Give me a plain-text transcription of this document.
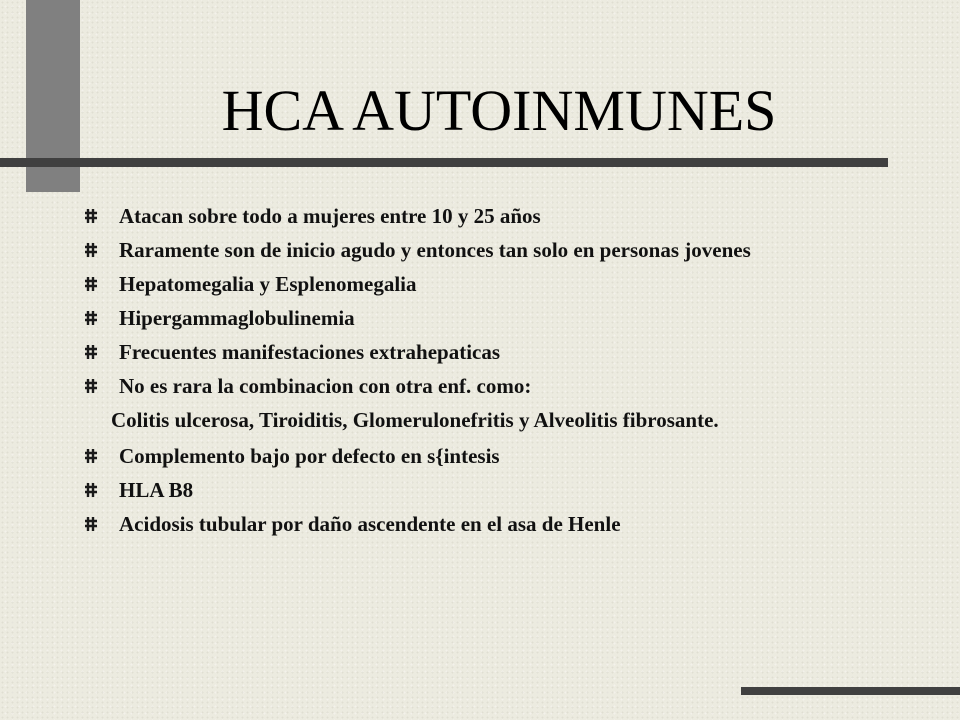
HCA AUTOINMUNES
Atacan sobre todo a mujeres entre 10 y 25 años
Raramente son de inicio agudo y entonces tan solo en personas jovenes
Hepatomegalia y Esplenomegalia
Hipergammaglobulinemia
Frecuentes manifestaciones extrahepaticas
No es rara la combinacion con otra enf. como:
Colitis ulcerosa, Tiroiditis, Glomerulonefritis y Alveolitis fibrosante.
Complemento bajo por defecto en s{intesis
HLA B8
Acidosis tubular por daño ascendente en el asa de Henle
